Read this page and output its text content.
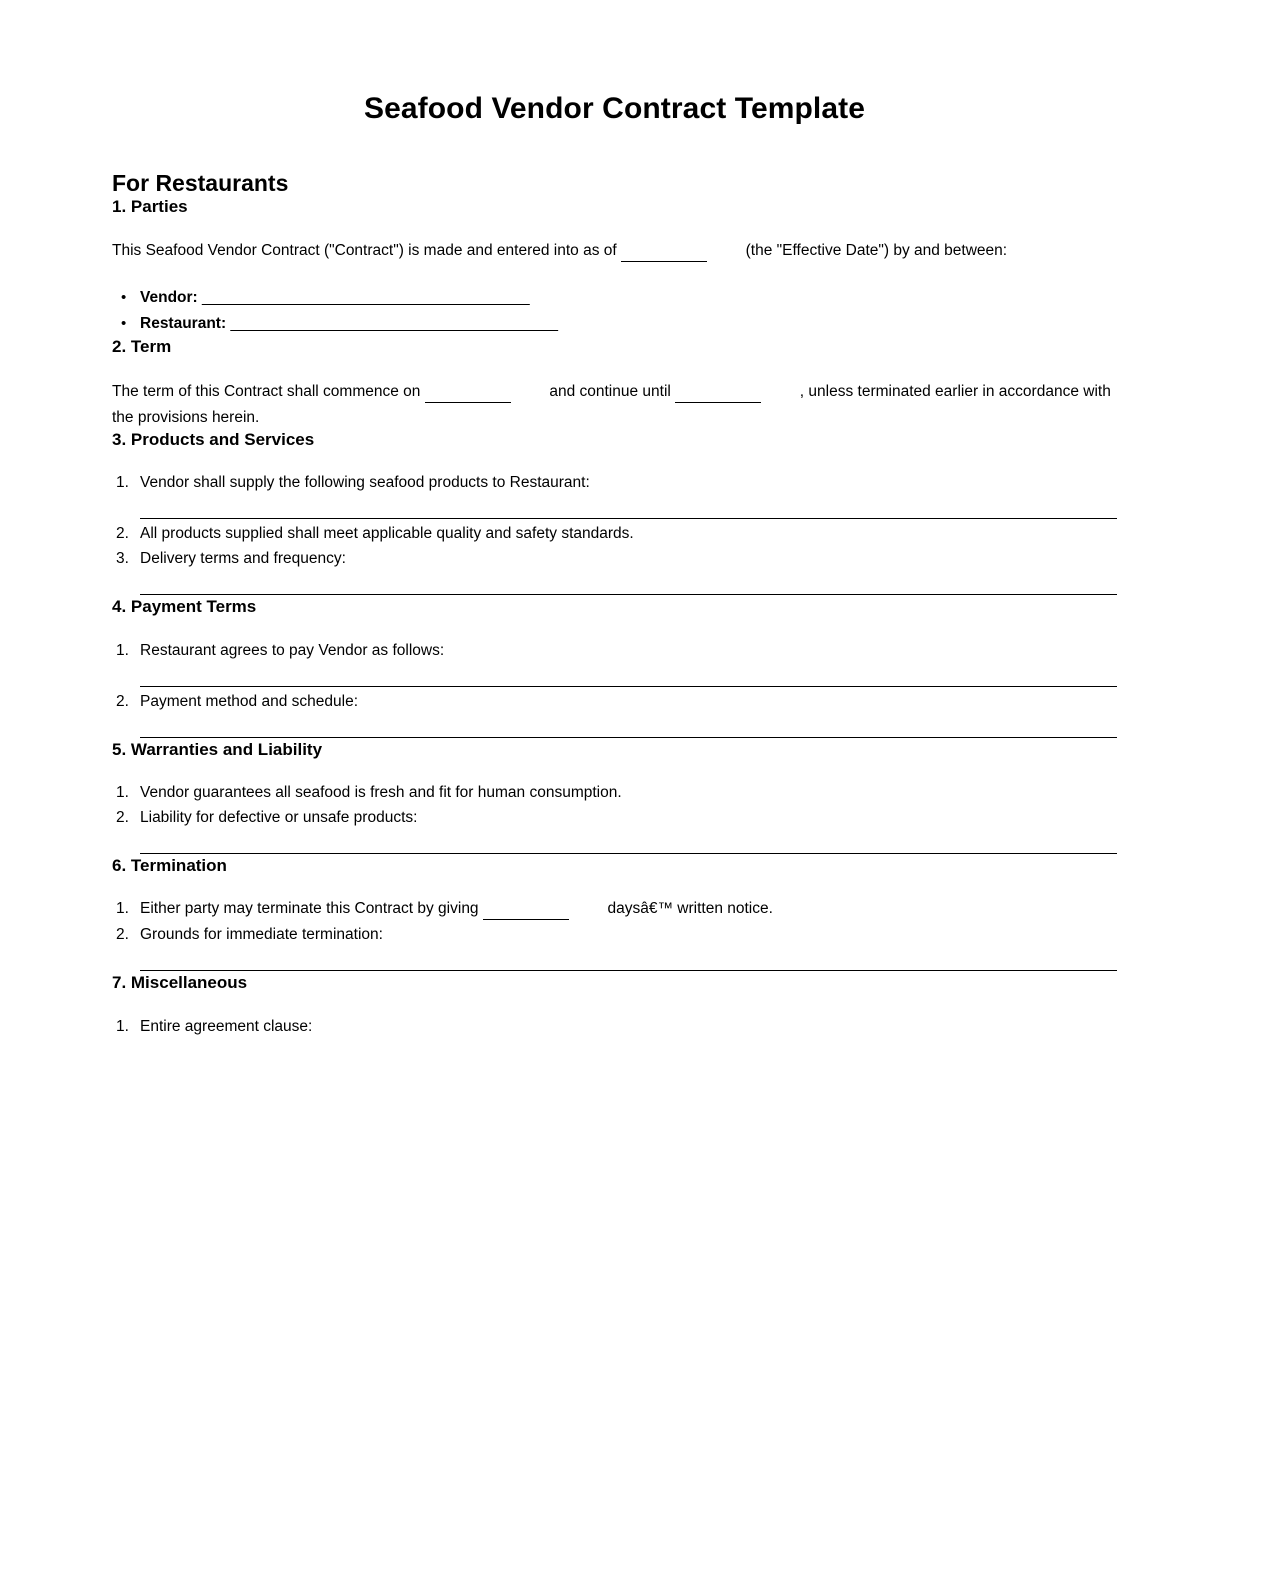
Seafood Vendor Contract Template
For Restaurants
1. Parties

This Seafood Vendor Contract ("Contract") is made and entered into as of	(the "Effective Date") by and between:

• Vendor: ______________________________________
• Restaurant: ______________________________________
2. Term

The term of this Contract shall commence on	and continue until	, unless terminated earlier in accordance with the provisions herein.

3. Products and Services
Vendor shall supply the following seafood products to Restaurant:
All products supplied shall meet applicable quality and safety standards.
Delivery terms and frequency:
4. Payment Terms
Restaurant agrees to pay Vendor as follows:
Payment method and schedule:
5. Warranties and Liability
Vendor guarantees all seafood is fresh and fit for human consumption.
Liability for defective or unsafe products:
6. Termination
Either party may terminate this Contract by giving	daysâ€™ written notice.
Grounds for immediate termination:
7. Miscellaneous
Entire agreement clause:
